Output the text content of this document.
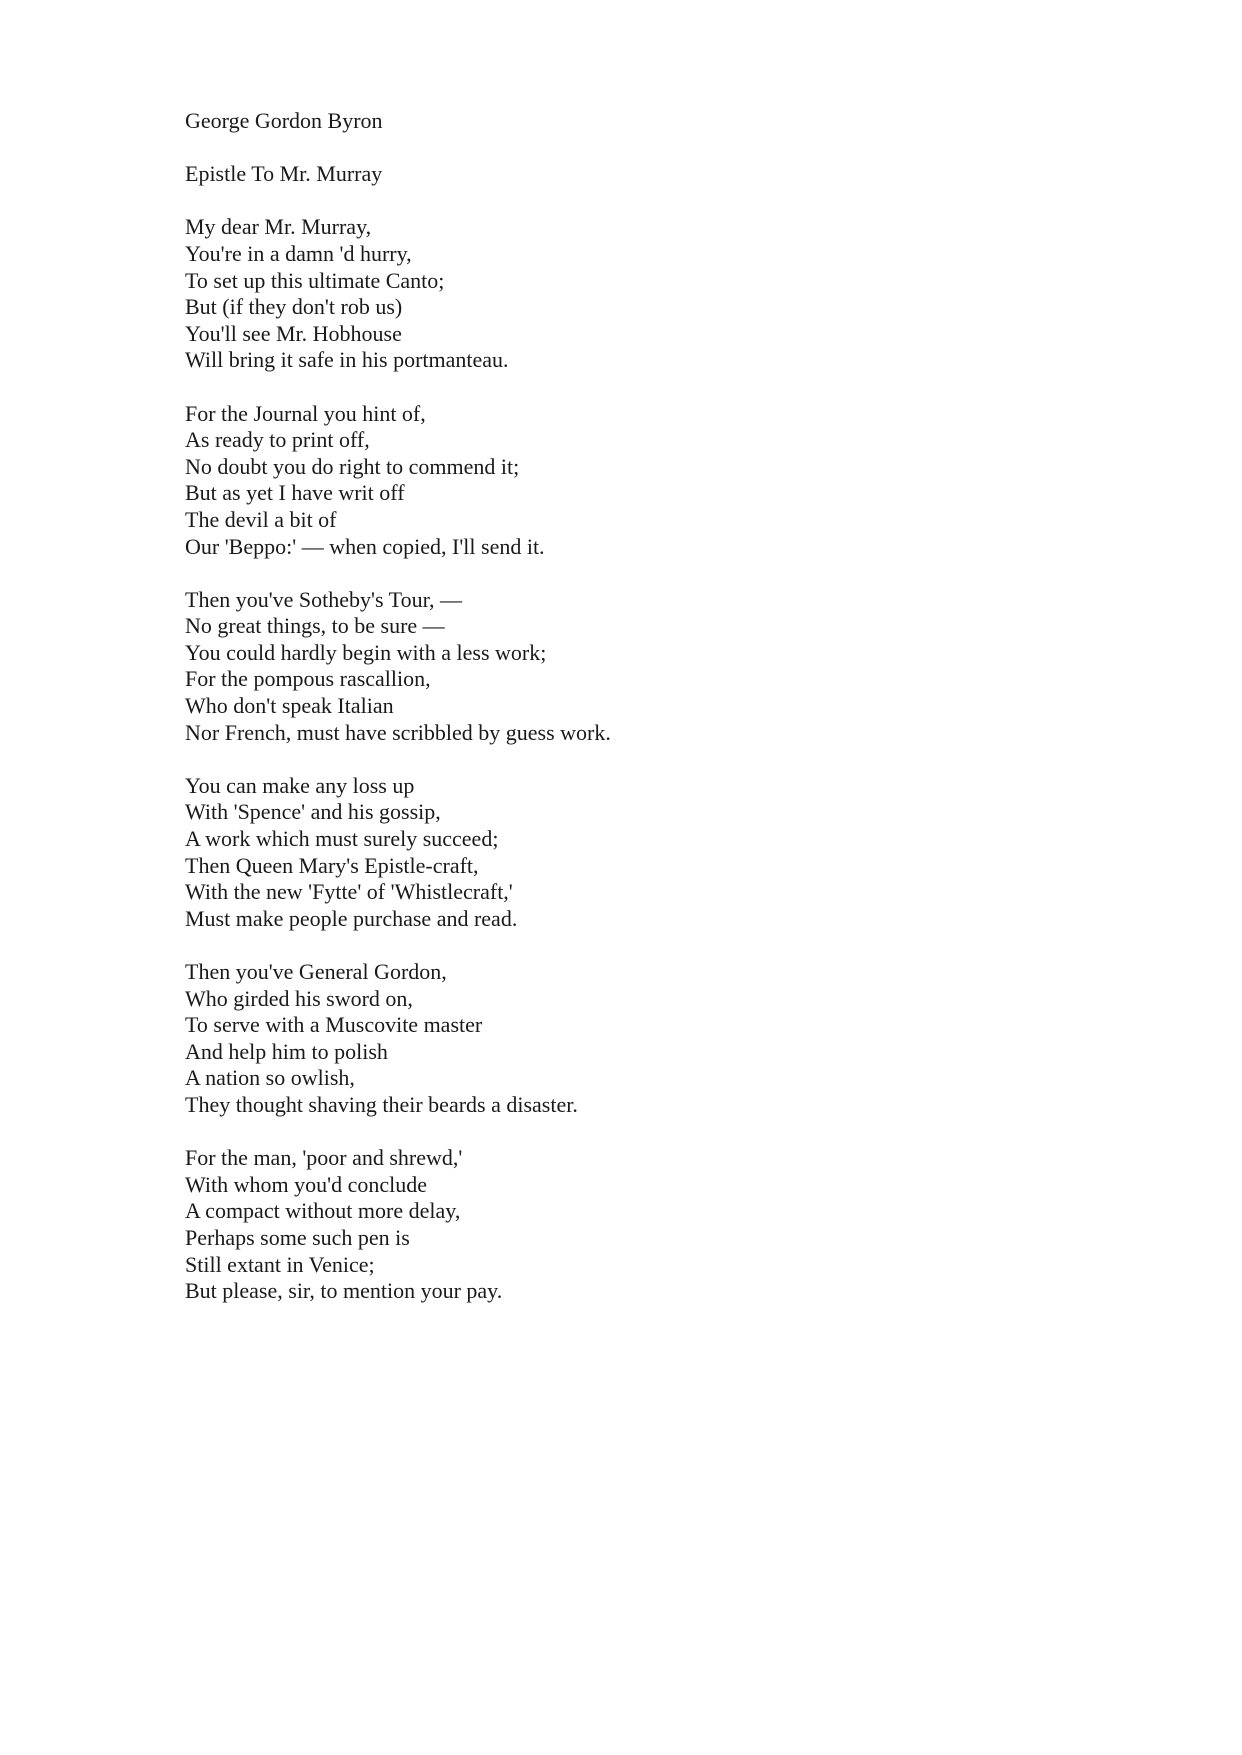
George Gordon Byron
Epistle To Mr. Murray
My dear Mr. Murray,
You're in a damn 'd hurry,
To set up this ultimate Canto;
But (if they don't rob us)
You'll see Mr. Hobhouse
Will bring it safe in his portmanteau.
For the Journal you hint of,
As ready to print off,
No doubt you do right to commend it;
But as yet I have writ off
The devil a bit of
Our 'Beppo:' — when copied, I'll send it.
Then you've Sotheby's Tour, —
No great things, to be sure —
You could hardly begin with a less work;
For the pompous rascallion,
Who don't speak Italian
Nor French, must have scribbled by guess work.
You can make any loss up
With 'Spence' and his gossip,
A work which must surely succeed;
Then Queen Mary's Epistle-craft,
With the new 'Fytte' of 'Whistlecraft,'
Must make people purchase and read.
Then you've General Gordon,
Who girded his sword on,
To serve with a Muscovite master
And help him to polish
A nation so owlish,
They thought shaving their beards a disaster.
For the man, 'poor and shrewd,'
With whom you'd conclude
A compact without more delay,
Perhaps some such pen is
Still extant in Venice;
But please, sir, to mention your pay.
